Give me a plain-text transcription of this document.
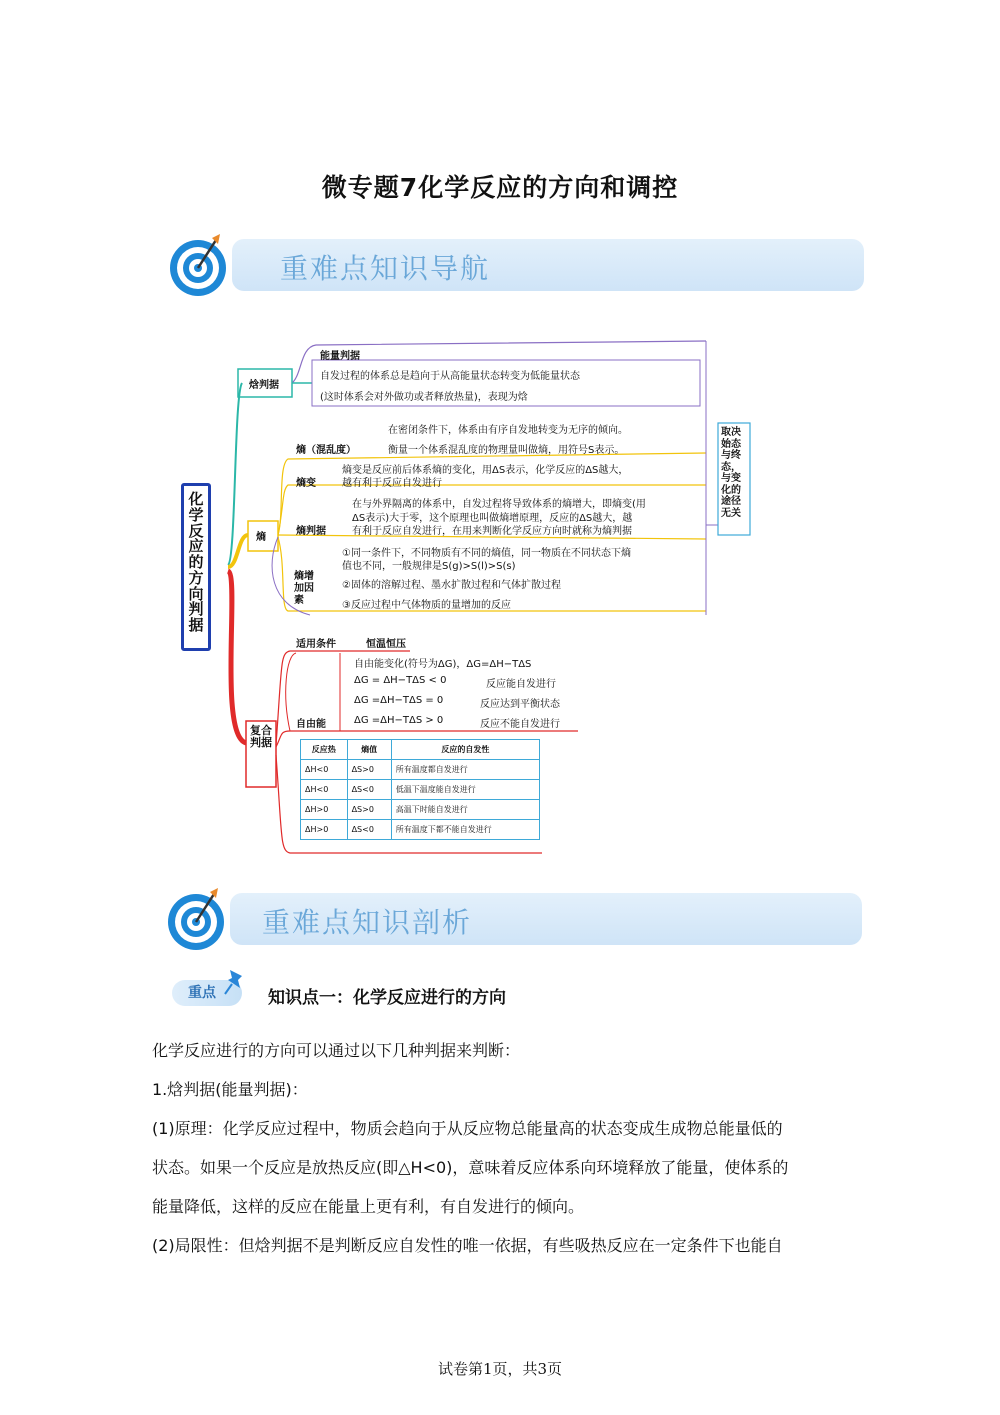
微专题7化学反应的方向和调控
重难点知识导航
化学反应的方向判据
焓判据
能量判据
自发过程的体系总是趋向于从高能量状态转变为低能量状态
(这时体系会对外做功或者释放热量)，表现为焓
熵
在密闭条件下，体系由有序自发地转变为无序的倾向。
熵（混乱度）	衡量一个体系混乱度的物理量叫做熵，用符号S表示。
熵变
熵变是反应前后体系熵的变化，用ΔS表示，化学反应的ΔS越大，
越有利于反应自发进行
熵判据
在与外界隔离的体系中，自发过程将导致体系的熵增大，即熵变(用
ΔS表示)大于零，这个原理也叫做熵增原理，反应的ΔS越大，越
有利于反应自发进行，在用来判断化学反应方向时就称为熵判据
熵增加因素
①同一条件下，不同物质有不同的熵值，同一物质在不同状态下熵
值也不同，一般规律是S(g)>S(l)>S(s)
②固体的溶解过程、墨水扩散过程和气体扩散过程
③反应过程中气体物质的量增加的反应
取决始态与终态，与变化的途径无关
复合判据
适用条件	恒温恒压
自由能
自由能变化(符号为ΔG)，ΔG=ΔH−TΔS
ΔG = ΔH−TΔS < 0	反应能自发进行
ΔG =ΔH−TΔS = 0	反应达到平衡状态
ΔG =ΔH−TΔS > 0	反应不能自发进行
反应热	熵值	反应的自发性
ΔH<0	ΔS>0	所有温度都自发进行
ΔH<0	ΔS<0	低温下温度能自发进行
ΔH>0	ΔS>0	高温下时能自发进行
ΔH>0	ΔS<0	所有温度下都不能自发进行
重难点知识剖析
重点	知识点一：化学反应进行的方向
化学反应进行的方向可以通过以下几种判据来判断：
1.焓判据(能量判据)：
(1)原理：化学反应过程中，物质会趋向于从反应物总能量高的状态变成生成物总能量低的
状态。如果一个反应是放热反应(即△H<0)，意味着反应体系向环境释放了能量，使体系的
能量降低，这样的反应在能量上更有利，有自发进行的倾向。
(2)局限性：但焓判据不是判断反应自发性的唯一依据，有些吸热反应在一定条件下也能自
试卷第1页，共3页
